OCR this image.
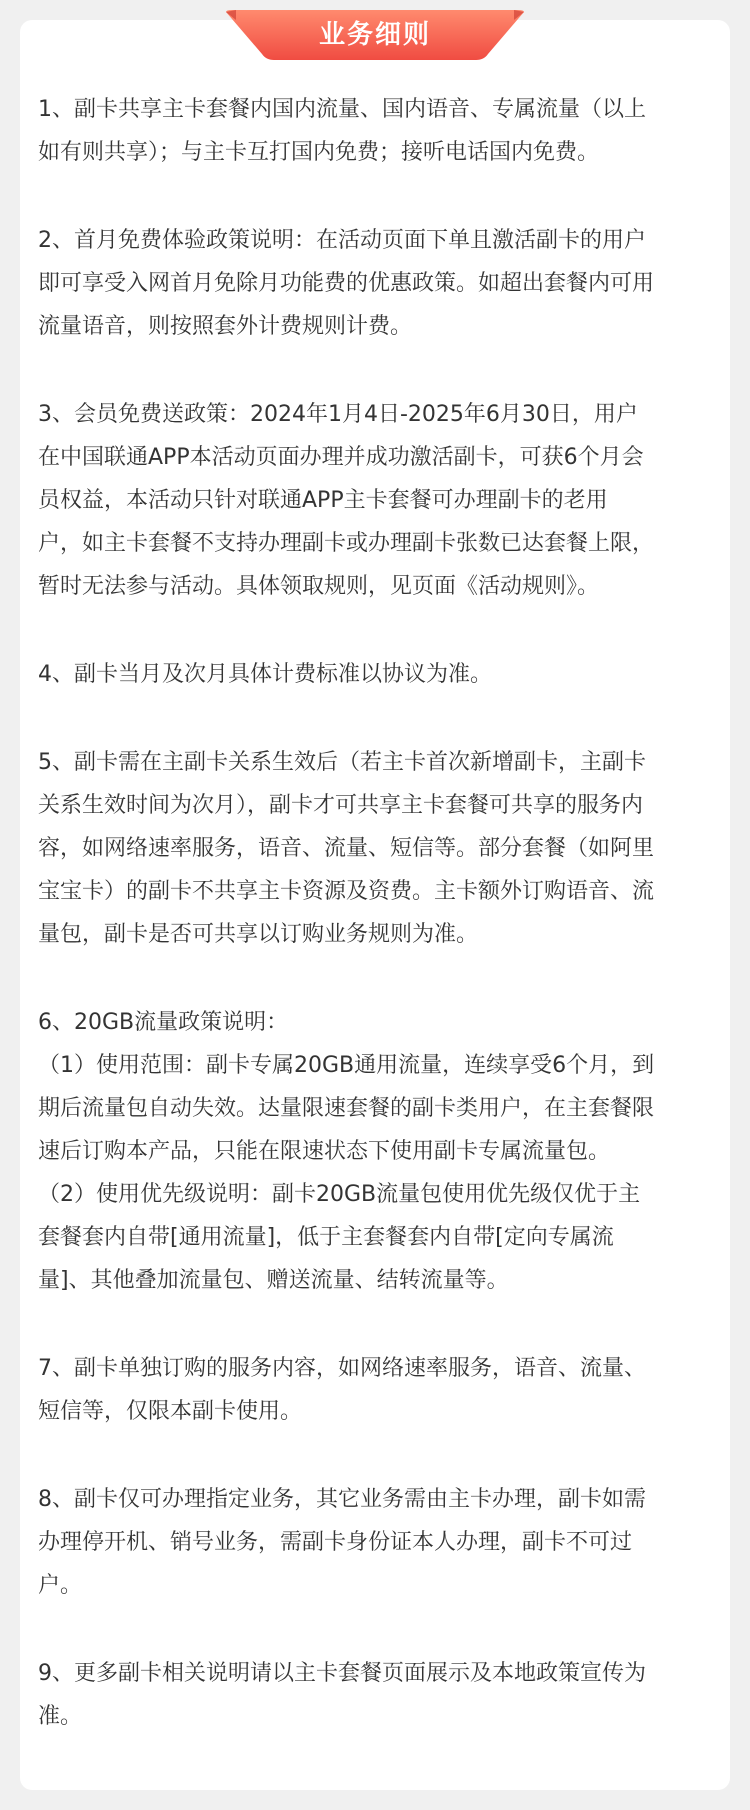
业务细则
1、副卡共享主卡套餐内国内流量、国内语音、专属流量（以上
如有则共享）；与主卡互打国内免费；接听电话国内免费。
2、首月免费体验政策说明：在活动页面下单且激活副卡的用户
即可享受入网首月免除月功能费的优惠政策。如超出套餐内可用
流量语音，则按照套外计费规则计费。
3、会员免费送政策：2024年1月4日-2025年6月30日，用户
在中国联通APP本活动页面办理并成功激活副卡，可获6个月会
员权益，本活动只针对联通APP主卡套餐可办理副卡的老用
户，如主卡套餐不支持办理副卡或办理副卡张数已达套餐上限，
暂时无法参与活动。具体领取规则，见页面《活动规则》。
4、副卡当月及次月具体计费标准以协议为准。
5、副卡需在主副卡关系生效后（若主卡首次新增副卡，主副卡
关系生效时间为次月），副卡才可共享主卡套餐可共享的服务内
容，如网络速率服务，语音、流量、短信等。部分套餐（如阿里
宝宝卡）的副卡不共享主卡资源及资费。主卡额外订购语音、流
量包，副卡是否可共享以订购业务规则为准。
6、20GB流量政策说明：
（1）使用范围：副卡专属20GB通用流量，连续享受6个月，到
期后流量包自动失效。达量限速套餐的副卡类用户，在主套餐限
速后订购本产品，只能在限速状态下使用副卡专属流量包。
（2）使用优先级说明：副卡20GB流量包使用优先级仅优于主
套餐套内自带[通用流量]，低于主套餐套内自带[定向专属流
量]、其他叠加流量包、赠送流量、结转流量等。
7、副卡单独订购的服务内容，如网络速率服务，语音、流量、
短信等，仅限本副卡使用。
8、副卡仅可办理指定业务，其它业务需由主卡办理，副卡如需
办理停开机、销号业务，需副卡身份证本人办理，副卡不可过
户。
9、更多副卡相关说明请以主卡套餐页面展示及本地政策宣传为
准。
